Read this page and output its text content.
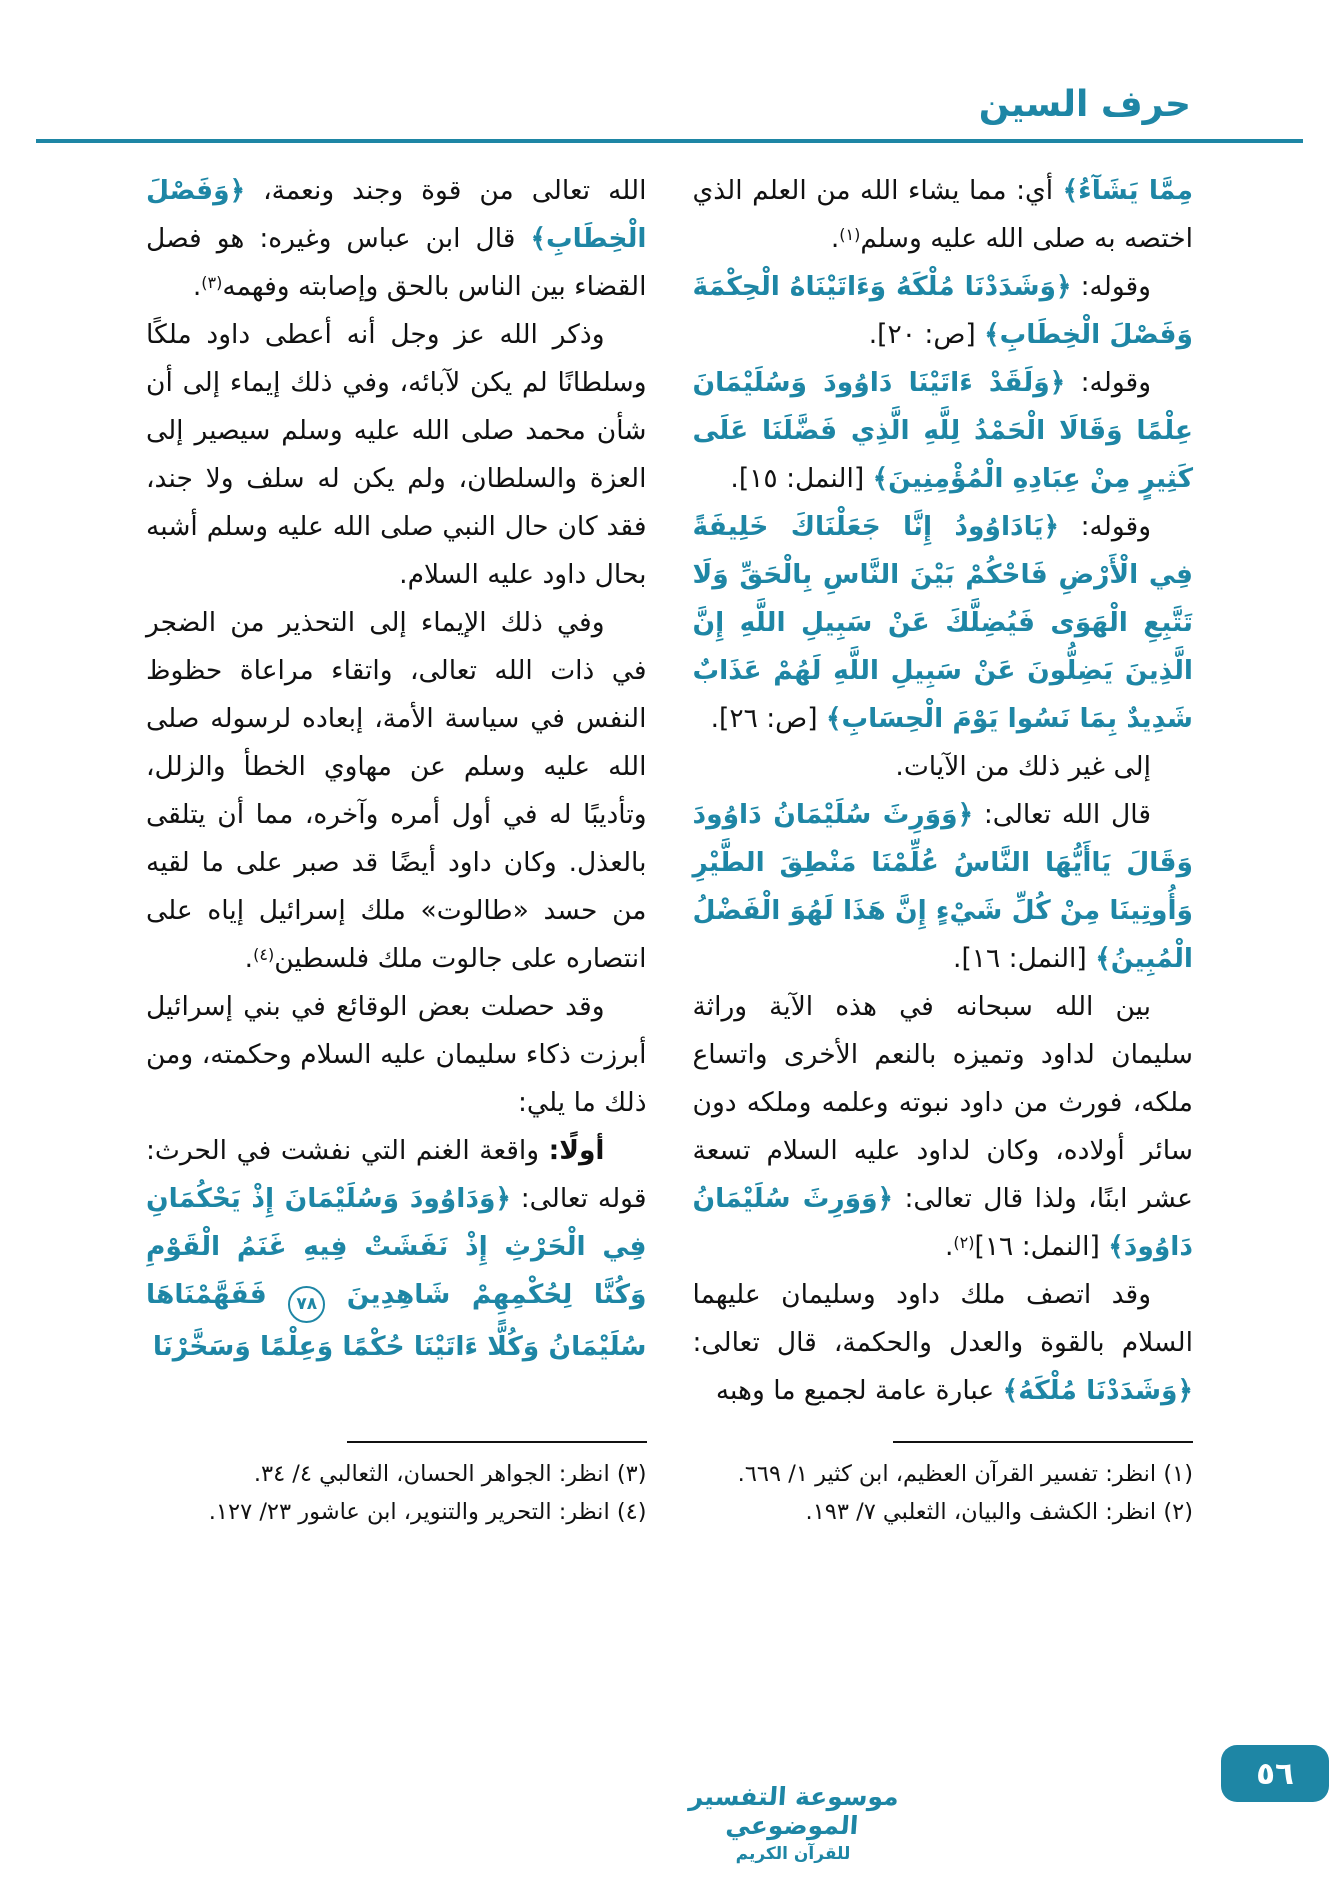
حرف السين

مِمَّا يَشَآءُ﴾ أي: مما يشاء الله من العلم الذي اختصه به صلى الله عليه وسلم$^{(١)}$.

وقوله: ﴿وَشَدَدْنَا مُلْكَهُ وَءَاتَيْنَاهُ الْحِكْمَةَ وَفَصْلَ الْخِطَابِ﴾ [ص: ٢٠].

وقوله: ﴿وَلَقَدْ ءَاتَيْنَا دَاوُودَ وَسُلَيْمَانَ عِلْمًا وَقَالَا الْحَمْدُ لِلَّهِ الَّذِي فَضَّلَنَا عَلَى كَثِيرٍ مِنْ عِبَادِهِ الْمُؤْمِنِينَ﴾ [النمل: ١٥].

وقوله: ﴿يَادَاوُودُ إِنَّا جَعَلْنَاكَ خَلِيفَةً فِي الْأَرْضِ فَاحْكُمْ بَيْنَ النَّاسِ بِالْحَقِّ وَلَا تَتَّبِعِ الْهَوَى فَيُضِلَّكَ عَنْ سَبِيلِ اللَّهِ إِنَّ الَّذِينَ يَضِلُّونَ عَنْ سَبِيلِ اللَّهِ لَهُمْ عَذَابٌ شَدِيدٌ بِمَا نَسُوا يَوْمَ الْحِسَابِ﴾ [ص: ٢٦].

إلى غير ذلك من الآيات.

قال الله تعالى: ﴿وَوَرِثَ سُلَيْمَانُ دَاوُودَ وَقَالَ يَاأَيُّهَا النَّاسُ عُلِّمْنَا مَنْطِقَ الطَّيْرِ وَأُوتِينَا مِنْ كُلِّ شَيْءٍ إِنَّ هَذَا لَهُوَ الْفَضْلُ الْمُبِينُ﴾ [النمل: ١٦].

بين الله سبحانه في هذه الآية وراثة سليمان لداود وتميزه بالنعم الأخرى واتساع ملكه، فورث من داود نبوته وعلمه وملكه دون سائر أولاده، وكان لداود عليه السلام تسعة عشر ابنًا، ولذا قال تعالى: ﴿وَوَرِثَ سُلَيْمَانُ دَاوُودَ﴾ [النمل: ١٦]$^{(٢)}$.

وقد اتصف ملك داود وسليمان عليهما السلام بالقوة والعدل والحكمة، قال تعالى: ﴿وَشَدَدْنَا مُلْكَهُ﴾ عبارة عامة لجميع ما وهبه

الله تعالى من قوة وجند ونعمة، ﴿وَفَصْلَ الْخِطَابِ﴾ قال ابن عباس وغيره: هو فصل القضاء بين الناس بالحق وإصابته وفهمه$^{(٣)}$.

وذكر الله عز وجل أنه أعطى داود ملكًا وسلطانًا لم يكن لآبائه، وفي ذلك إيماء إلى أن شأن محمد صلى الله عليه وسلم سيصير إلى العزة والسلطان، ولم يكن له سلف ولا جند، فقد كان حال النبي صلى الله عليه وسلم أشبه بحال داود عليه السلام.

وفي ذلك الإيماء إلى التحذير من الضجر في ذات الله تعالى، واتقاء مراعاة حظوظ النفس في سياسة الأمة، إبعاده لرسوله صلى الله عليه وسلم عن مهاوي الخطأ والزلل، وتأديبًا له في أول أمره وآخره، مما أن يتلقى بالعذل. وكان داود أيضًا قد صبر على ما لقيه من حسد «طالوت» ملك إسرائيل إياه على انتصاره على جالوت ملك فلسطين$^{(٤)}$.

وقد حصلت بعض الوقائع في بني إسرائيل أبرزت ذكاء سليمان عليه السلام وحكمته، ومن ذلك ما يلي:

أولًا: واقعة الغنم التي نفشت في الحرث: قوله تعالى: ﴿وَدَاوُودَ وَسُلَيْمَانَ إِذْ يَحْكُمَانِ فِي الْحَرْثِ إِذْ نَفَشَتْ فِيهِ غَنَمُ الْقَوْمِ وَكُنَّا لِحُكْمِهِمْ شَاهِدِينَ ٧٨ فَفَهَّمْنَاهَا سُلَيْمَانُ وَكُلًّا ءَاتَيْنَا حُكْمًا وَعِلْمًا وَسَخَّرْنَا

(١) انظر: تفسير القرآن العظيم، ابن كثير ١/ ٦٦٩.
(٢) انظر: الكشف والبيان، الثعلبي ٧/ ١٩٣.
(٣) انظر: الجواهر الحسان، الثعالبي ٤/ ٣٤.
(٤) انظر: التحرير والتنوير، ابن عاشور ٢٣/ ١٢٧.
موسوعة التفسير الموضوعي
للقرآن الكريم
٥٦
